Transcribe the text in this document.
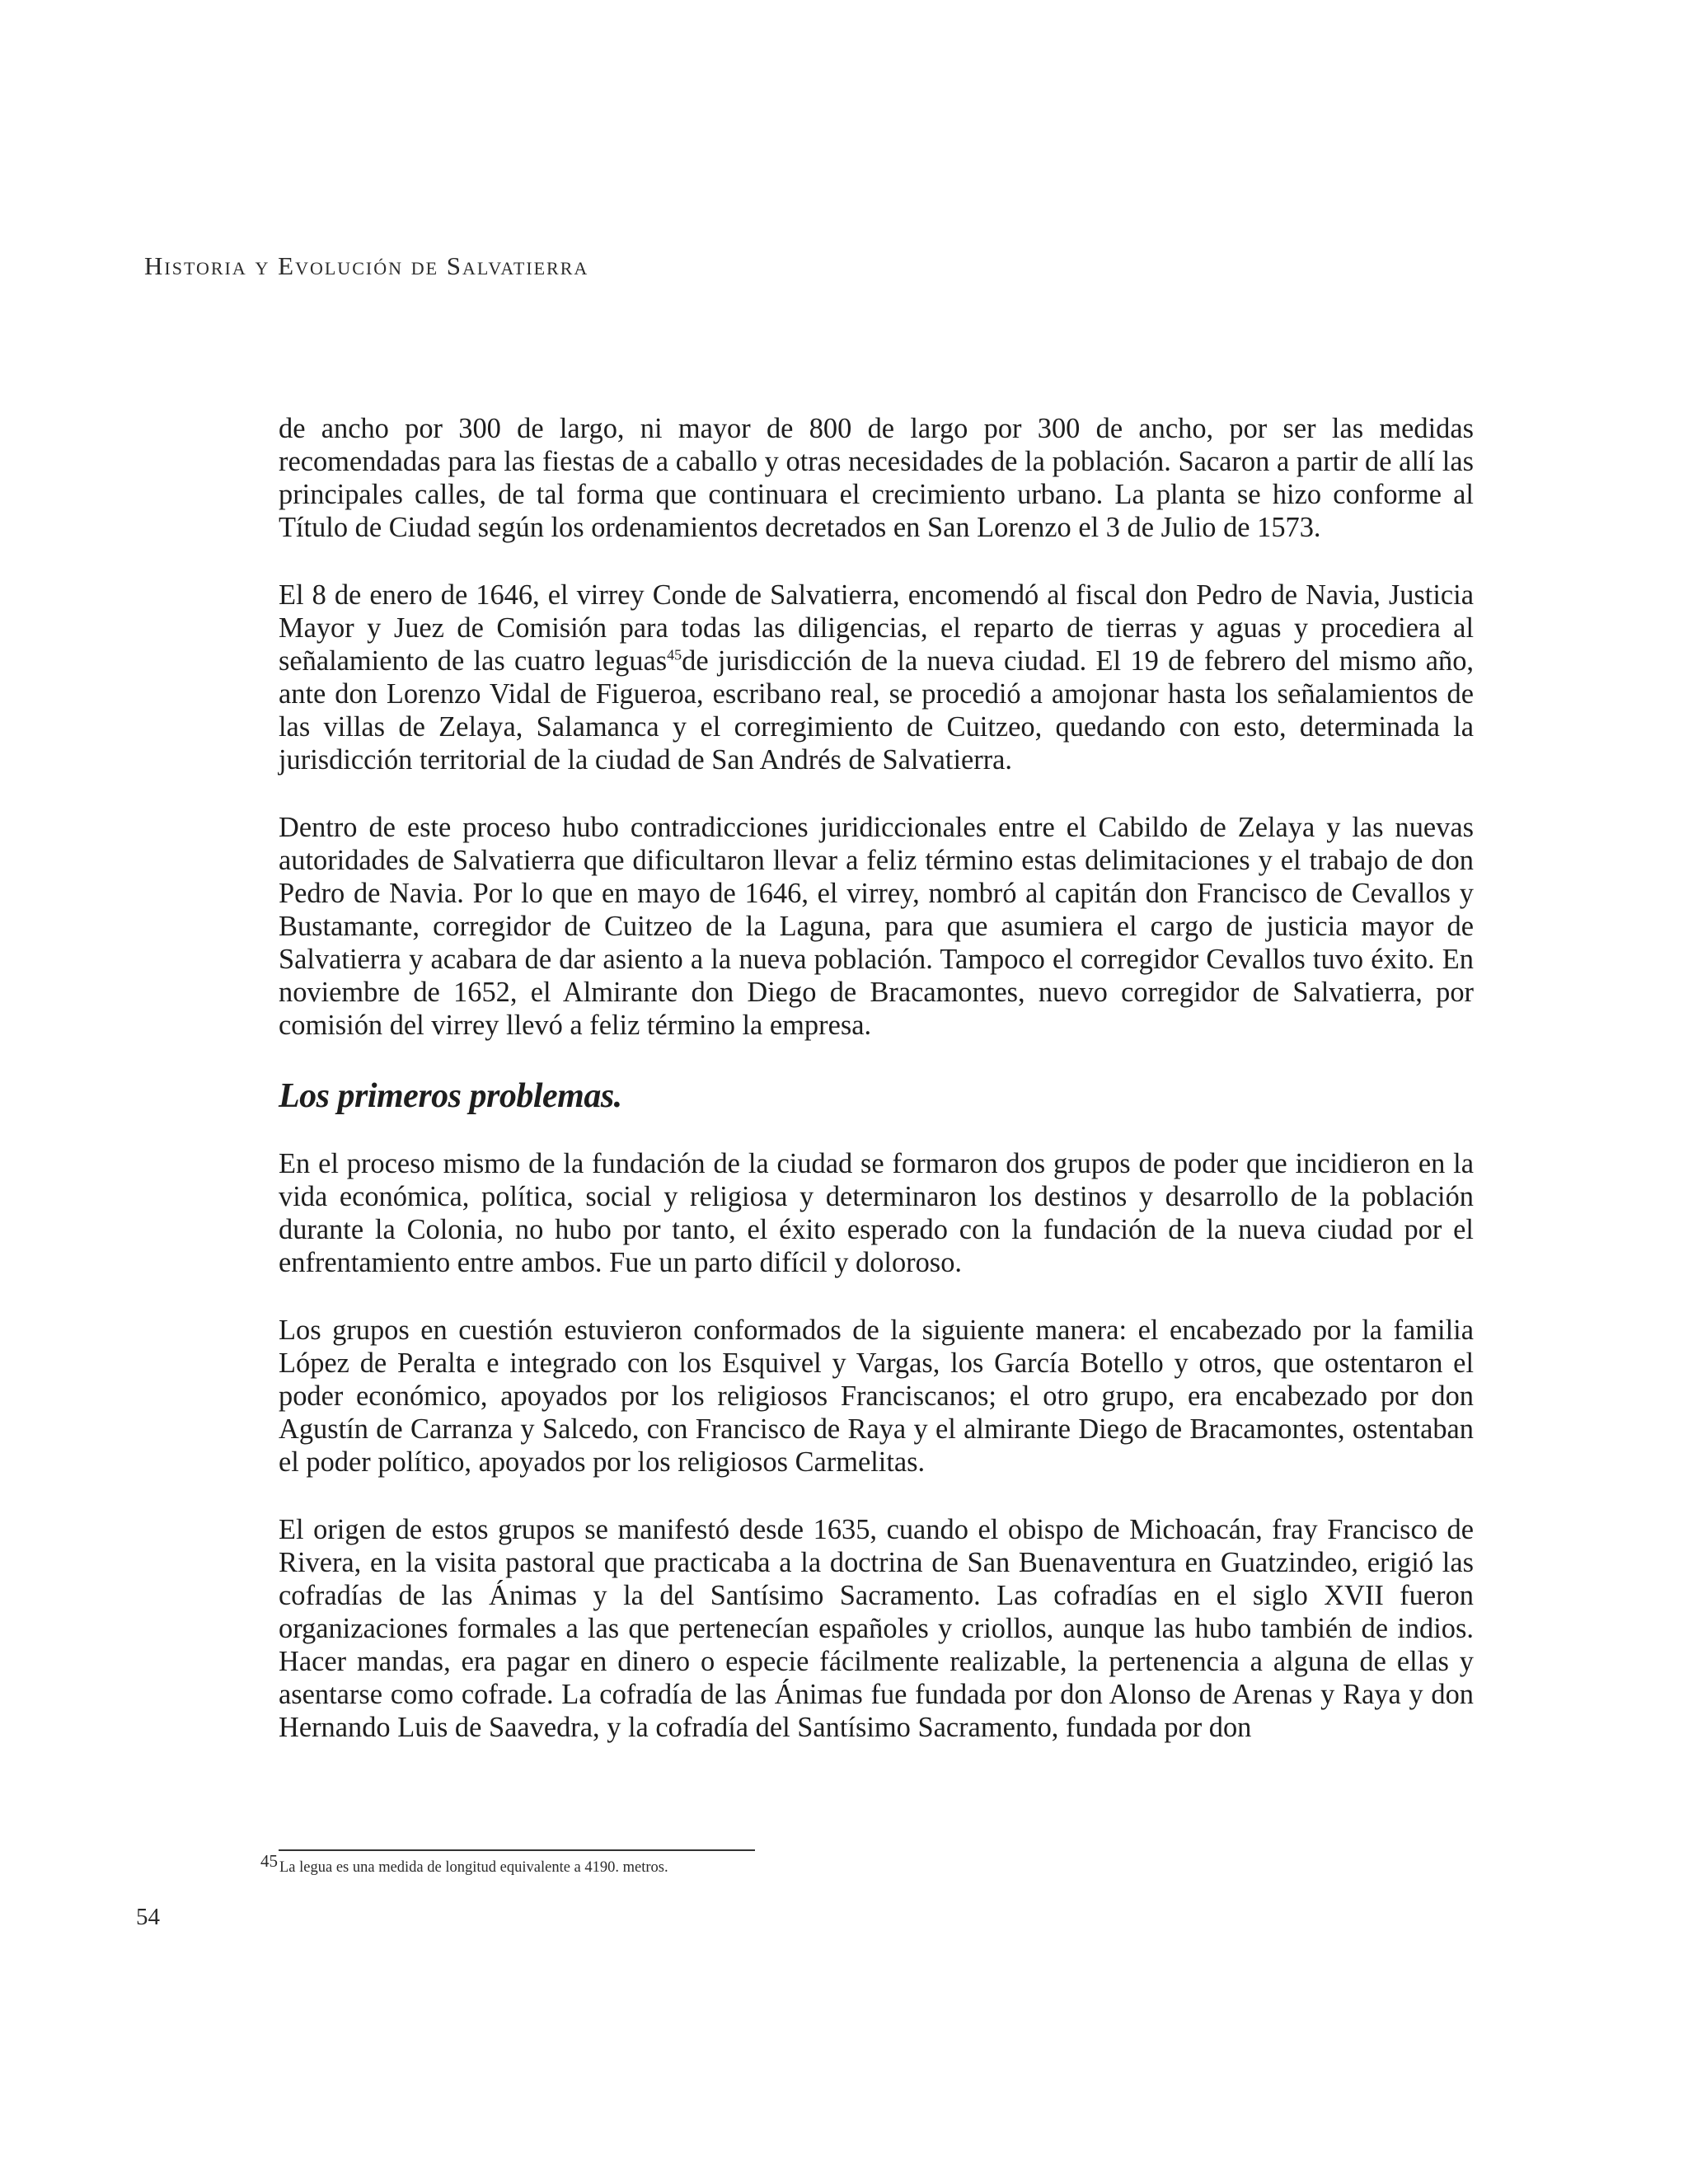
Historia y Evolución de Salvatierra

de ancho por 300 de largo, ni mayor de 800 de largo por 300 de ancho, por ser las medidas recomendadas para las fiestas de a caballo y otras necesidades de la población. Sacaron a partir de allí las principales calles, de tal forma que continuara el crecimiento urbano. La planta se hizo conforme al Título de Ciudad según los ordenamientos decretados en San Lorenzo el 3 de Julio de 1573.

El 8 de enero de 1646, el virrey Conde de Salvatierra, encomendó al fiscal don Pedro de Navia, Justicia Mayor y Juez de Comisión para todas las diligencias, el reparto de tierras y aguas y procediera al señalamiento de las cuatro leguas$^{45}$de jurisdicción de la nueva ciudad. El 19 de febrero del mismo año, ante don Lorenzo Vidal de Figueroa, escribano real, se procedió a amojonar hasta los señalamientos de las villas de Zelaya, Salamanca y el corregimiento de Cuitzeo, quedando con esto, determinada la jurisdicción territorial de la ciudad de San Andrés de Salvatierra.

Dentro de este proceso hubo contradicciones juridiccionales entre el Cabildo de Zelaya y las nuevas autoridades de Salvatierra que dificultaron llevar a feliz término estas delimitaciones y el trabajo de don Pedro de Navia. Por lo que en mayo de 1646, el virrey, nombró al capitán don Francisco de Cevallos y Bustamante, corregidor de Cuitzeo de la Laguna, para que asumiera el cargo de justicia mayor de Salvatierra y acabara de dar asiento a la nueva población. Tampoco el corregidor Cevallos tuvo éxito. En noviembre de 1652, el Almirante don Diego de Bracamontes, nuevo corregidor de Salvatierra, por comisión del virrey llevó a feliz término la empresa.

Los primeros problemas.

En el proceso mismo de la fundación de la ciudad se formaron dos grupos de poder que incidieron en la vida económica, política, social y religiosa y determinaron los destinos y desarrollo de la población durante la Colonia, no hubo por tanto, el éxito esperado con la fundación de la nueva ciudad por el enfrentamiento entre ambos. Fue un parto difícil y doloroso.

Los grupos en cuestión estuvieron conformados de la siguiente manera: el encabezado por la familia López de Peralta e integrado con los Esquivel y Vargas, los García Botello y otros, que ostentaron el poder económico, apoyados por los religiosos Franciscanos; el otro grupo, era encabezado por don Agustín de Carranza y Salcedo, con Francisco de Raya y el almirante Diego de Bracamontes, ostentaban el poder político, apoyados por los religiosos Carmelitas.

El origen de estos grupos se manifestó desde 1635, cuando el obispo de Michoacán, fray Francisco de Rivera, en la visita pastoral que practicaba a la doctrina de San Buenaventura en Guatzindeo, erigió las cofradías de las Ánimas y la del Santísimo Sacramento. Las cofradías en el siglo XVII fueron organizaciones formales a las que pertenecían españoles y criollos, aunque las hubo también de indios. Hacer mandas, era pagar en dinero o especie fácilmente realizable, la pertenencia a alguna de ellas y asentarse como cofrade. La cofradía de las Ánimas fue fundada por don Alonso de Arenas y Raya y don Hernando Luis de Saavedra, y la cofradía del Santísimo Sacramento, fundada por don

45 La legua es una medida de longitud equivalente a 4190. metros.
54
